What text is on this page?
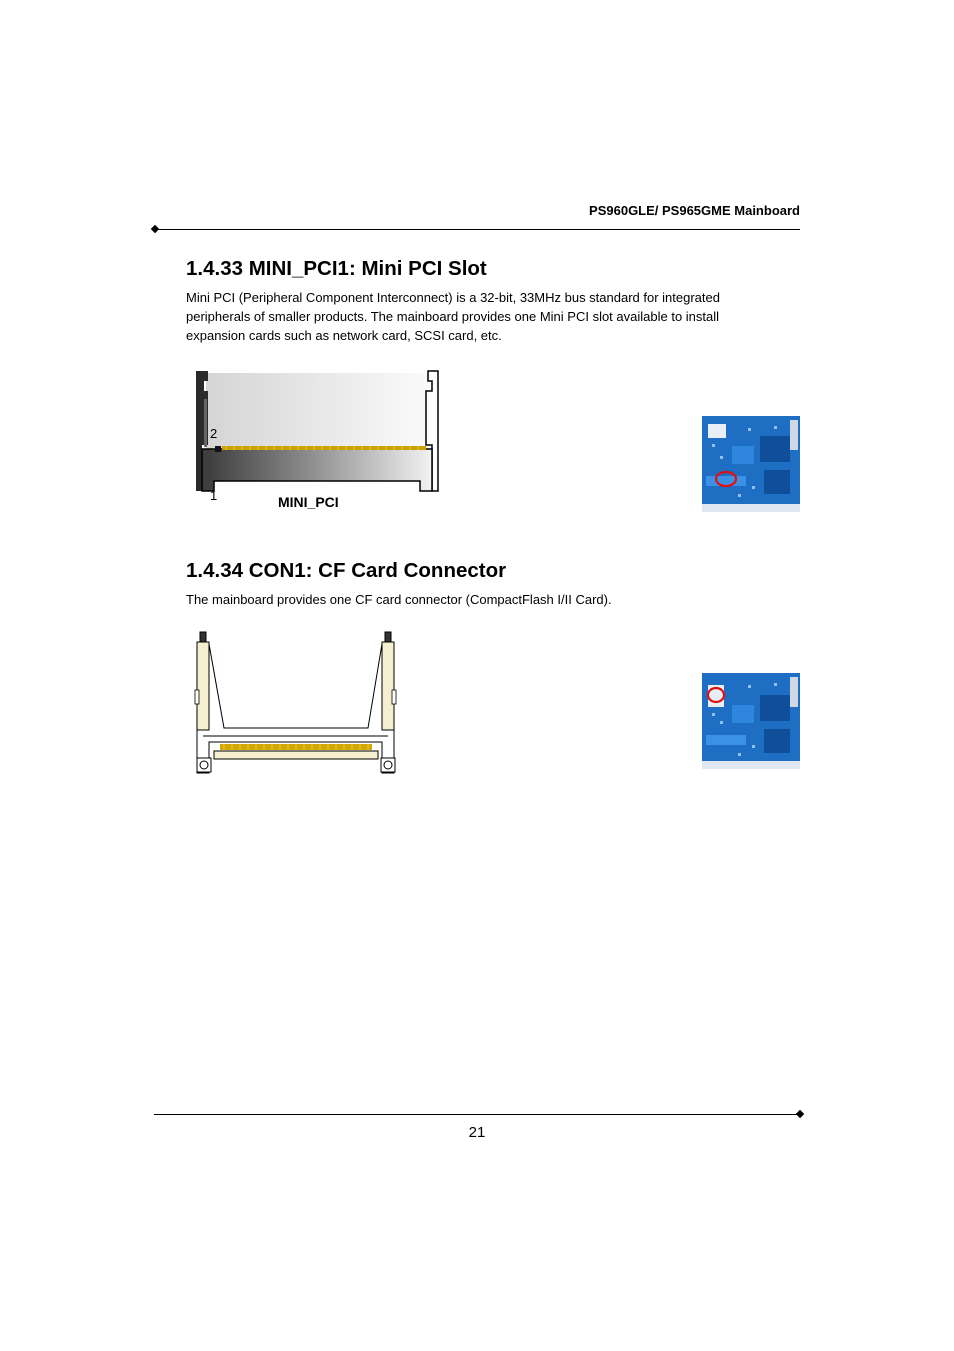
PS960GLE/ PS965GME Mainboard
1.4.33 MINI_PCI1: Mini PCI Slot
Mini PCI (Peripheral Component Interconnect) is a 32-bit, 33MHz bus standard for integrated
peripherals of smaller products. The mainboard provides one Mini PCI slot available to install
expansion cards such as network card, SCSI card, etc.
2
1	MINI_PCI
1.4.34 CON1: CF Card Connector
The mainboard provides one CF card connector (CompactFlash I/II Card).
21
